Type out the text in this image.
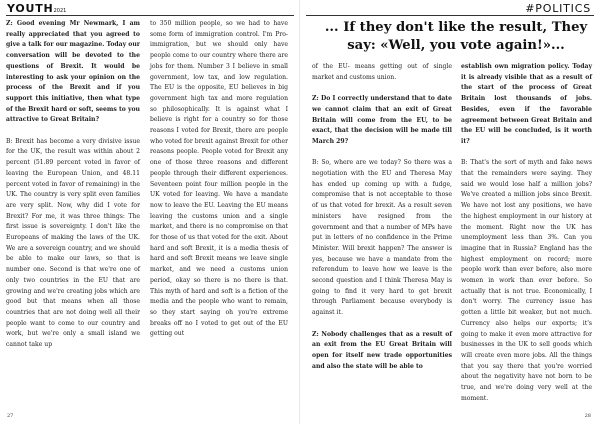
YOUTH2021

Z: Good evening Mr Newmark, I am really appreciated that you agreed to give a talk for our magazine. Today our conversation will be devoted to the questions of Brexit. It would be interesting to ask your opinion on the process of the Brexit and if you support this initiative, then what type of the Brexit hard or soft, seems to you attractive to Great Britain?

B: Brexit has become a very divisive issue for the UK, the result was within about 2 percent (51.89 percent voted in favor of leaving the European Union, and 48.11 percent voted in favor of remaining) in the UK. The country is very split even families are very split. Now, why did I vote for Brexit? For me, it was three things: The first issue is sovereignty. I don't like the Europeans of making the laws of the UK. We are a sovereign country, and we should be able to make our laws, so that is number one. Second is that we're one of only two countries in the EU that are growing and we're creating jobs which are good but that means when all those countries that are not doing well all their people want to come to our country and work, but we're only a small island we cannot take up

to 350 million people, so we had to have some form of immigration control. I'm Pro-immigration, but we should only have people come to our country where there are jobs for them. Number 3 I believe in small government, low tax, and low regulation. The EU is the opposite, EU believes in big government high tax and more regulation so philosophically. It is against what I believe is right for a country so for those reasons I voted for Brexit, there are people who voted for brexit against Brexit for other reasons people. People voted for Brexit any one of those three reasons and different people through their different experiences. Seventeen point four million people in the UK voted for leaving. We have a mandate now to leave the EU. Leaving the EU means leaving the customs union and a single market, and there is no compromise on that for those of us that voted for the exit. About hard and soft Brexit, it is a media thesis of hard and soft Brexit means we leave single market, and we need a customs union period, okay so there is no there is that. This myth of hard and soft is a fiction of the media and the people who want to remain, so they start saying oh you're extreme breaks off no I voted to get out of the EU getting out

27
#POLITICS
... If they don't like the result, They say: «Well, you vote again!»...

of the EU- means getting out of single market and customs union.

Z: Do I correctly understand that to date we cannot claim that an exit of Great Britain will come from the EU, to be exact, that the decision will be made till March 29?

B: So, where are we today? So there was a negotiation with the EU and Theresa May has ended up coming up with a fudge, compromise that is not acceptable to those of us that voted for brexit. As a result seven ministers have resigned from the government and that a number of MPs have put in letters of no confidence in the Prime Minister. Will brexit happen? The answer is yes, because we have a mandate from the referendum to leave how we leave is the second question and I think Theresa May is going to find it very hard to get brexit through Parliament because everybody is against it.

Z: Nobody challenges that as a result of an exit from the EU Great Britain will open for itself new trade opportunities and also the state will be able to

establish own migration policy. Today it is already visible that as a result of the start of the process of Great Britain lost thousands of jobs. Besides, even if the favorable agreement between Great Britain and the EU will be concluded, is it worth it?

B: That's the sort of myth and fake news that the remainders were saying. They said we would lose half a million jobs? We've created a million jobs since Brexit. We have not lost any positions, we have the highest employment in our history at the moment. Right now the UK has unemployment less than 3%. Can you imagine that in Russia? England has the highest employment on record; more people work than ever before, also more women in work than ever before. So actually that is not true. Economically, I don't worry. The currency issue has gotten a little bit weaker, but not much. Currency also helps our exports; it's going to make it even more attractive for businesses in the UK to sell goods which will create even more jobs. All the things that you say there that you're worried about the negativity have not born to be true, and we're doing very well at the moment.

28
